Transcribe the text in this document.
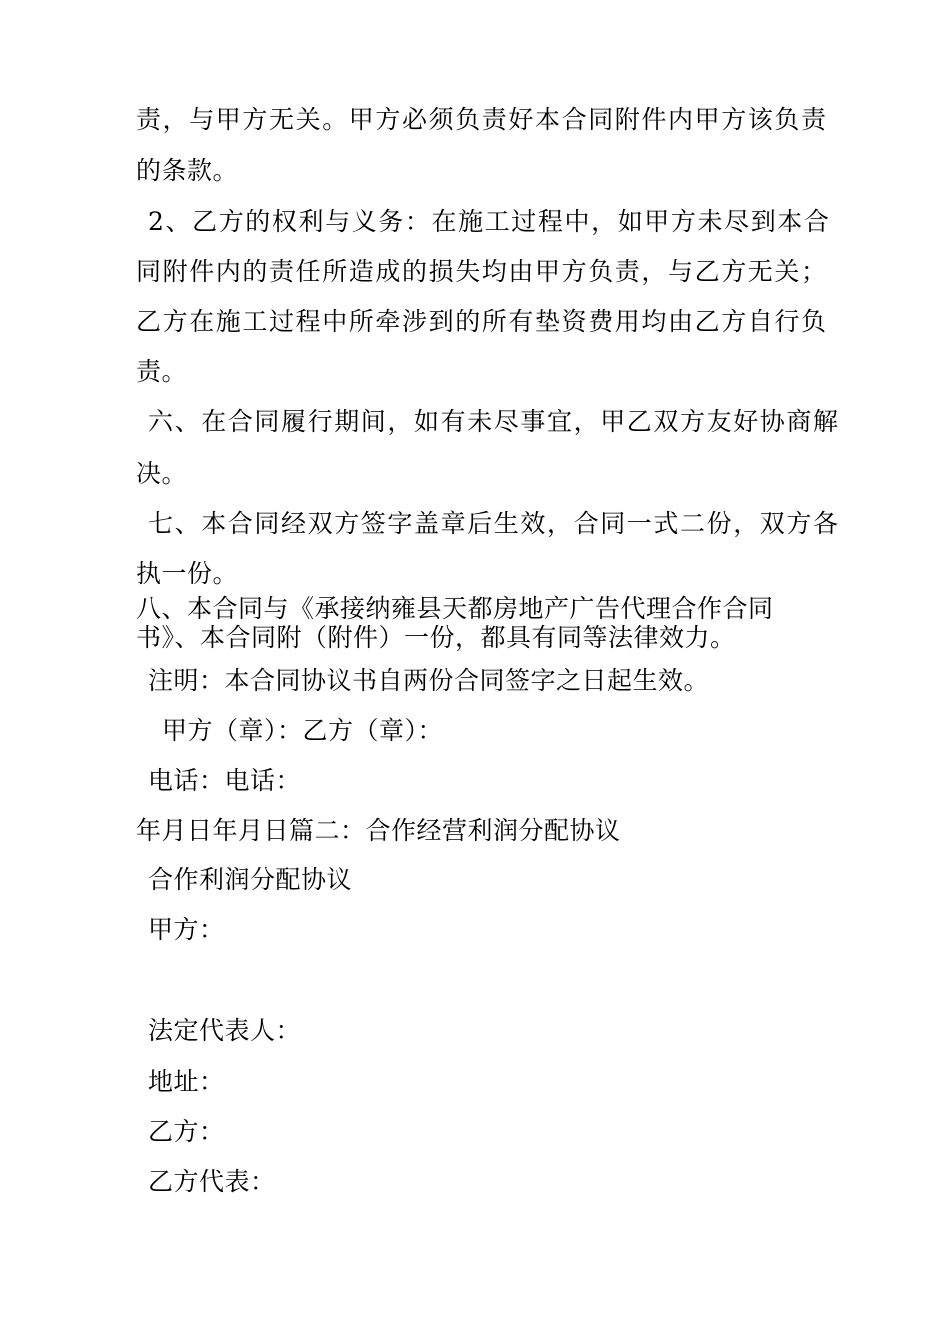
责，与甲方无关。甲方必须负责好本合同附件内甲方该负责
的条款。
2、乙方的权利与义务：在施工过程中，如甲方未尽到本合
同附件内的责任所造成的损失均由甲方负责，与乙方无关；
乙方在施工过程中所牵涉到的所有垫资费用均由乙方自行负
责。
六、在合同履行期间，如有未尽事宜，甲乙双方友好协商解
决。
七、本合同经双方签字盖章后生效，合同一式二份，双方各
执一份。
八、本合同与《承接纳雍县天都房地产广告代理合作合同
书》、本合同附（附件）一份，都具有同等法律效力。
注明：本合同协议书自两份合同签字之日起生效。
甲方（章）：乙方（章）：
电话：电话：
年月日年月日篇二：合作经营利润分配协议
合作利润分配协议
甲方：
法定代表人：
地址：
乙方：
乙方代表：
